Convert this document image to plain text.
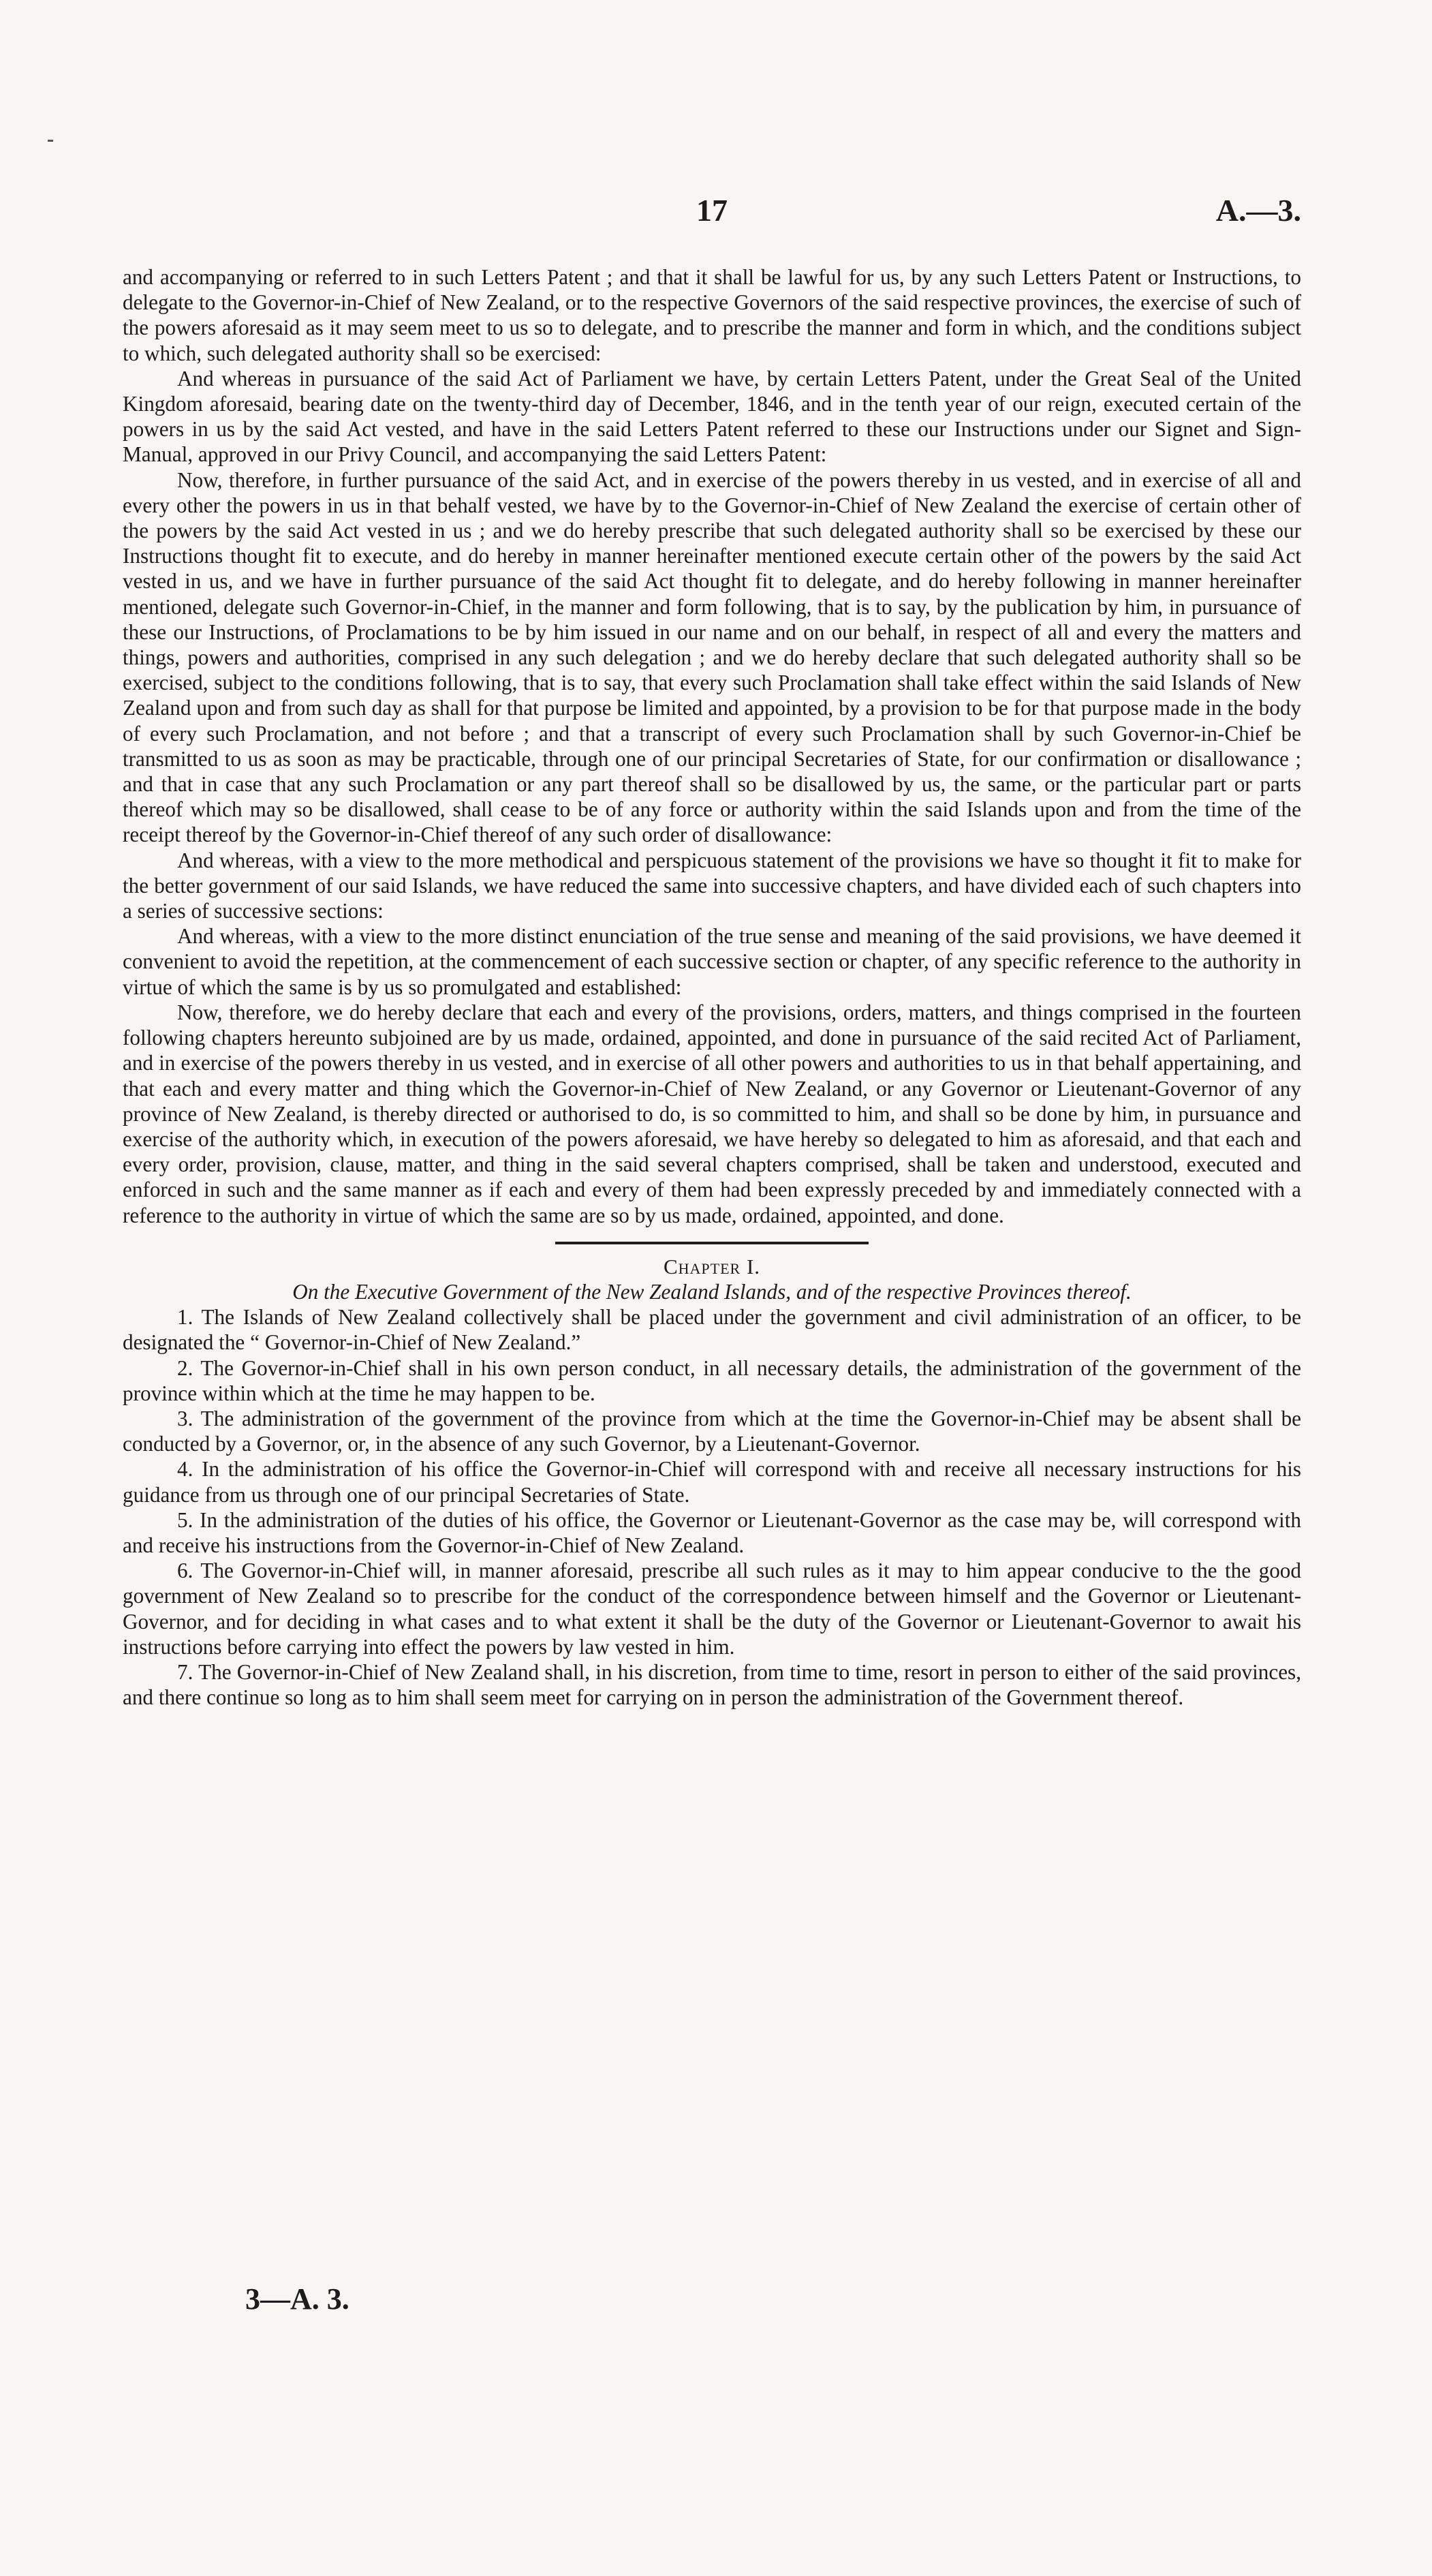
17	A.—3.

and accompanying or referred to in such Letters Patent ; and that it shall be lawful for us, by any such Letters Patent or Instructions, to delegate to the Governor-in-Chief of New Zealand, or to the respective Governors of the said respective provinces, the exercise of such of the powers aforesaid as it may seem meet to us so to delegate, and to prescribe the manner and form in which, and the conditions subject to which, such delegated authority shall so be exercised:

And whereas in pursuance of the said Act of Parliament we have, by certain Letters Patent, under the Great Seal of the United Kingdom aforesaid, bearing date on the twenty-third day of December, 1846, and in the tenth year of our reign, executed certain of the powers in us by the said Act vested, and have in the said Letters Patent referred to these our Instructions under our Signet and Sign-Manual, approved in our Privy Council, and accompanying the said Letters Patent:

Now, therefore, in further pursuance of the said Act, and in exercise of the powers thereby in us vested, and in exercise of all and every other the powers in us in that behalf vested, we have by to the Governor-in-Chief of New Zealand the exercise of certain other of the powers by the said Act vested in us ; and we do hereby prescribe that such delegated authority shall so be exercised by these our Instructions thought fit to execute, and do hereby in manner hereinafter mentioned execute certain other of the powers by the said Act vested in us, and we have in further pursuance of the said Act thought fit to delegate, and do hereby following in manner hereinafter mentioned, delegate such Governor-in-Chief, in the manner and form following, that is to say, by the publication by him, in pursuance of these our Instructions, of Proclamations to be by him issued in our name and on our behalf, in respect of all and every the matters and things, powers and authorities, comprised in any such delegation ; and we do hereby declare that such delegated authority shall so be exercised, subject to the conditions following, that is to say, that every such Proclamation shall take effect within the said Islands of New Zealand upon and from such day as shall for that purpose be limited and appointed, by a provision to be for that purpose made in the body of every such Proclamation, and not before ; and that a transcript of every such Proclamation shall by such Governor-in-Chief be transmitted to us as soon as may be practicable, through one of our principal Secretaries of State, for our confirmation or disallowance ; and that in case that any such Proclamation or any part thereof shall so be disallowed by us, the same, or the particular part or parts thereof which may so be disallowed, shall cease to be of any force or authority within the said Islands upon and from the time of the receipt thereof by the Governor-in-Chief thereof of any such order of disallowance:

And whereas, with a view to the more methodical and perspicuous statement of the provisions we have so thought it fit to make for the better government of our said Islands, we have reduced the same into successive chapters, and have divided each of such chapters into a series of successive sections:

And whereas, with a view to the more distinct enunciation of the true sense and meaning of the said provisions, we have deemed it convenient to avoid the repetition, at the commencement of each successive section or chapter, of any specific reference to the authority in virtue of which the same is by us so promulgated and established:

Now, therefore, we do hereby declare that each and every of the provisions, orders, matters, and things comprised in the fourteen following chapters hereunto subjoined are by us made, ordained, appointed, and done in pursuance of the said recited Act of Parliament, and in exercise of the powers thereby in us vested, and in exercise of all other powers and authorities to us in that behalf appertaining, and that each and every matter and thing which the Governor-in-Chief of New Zealand, or any Governor or Lieutenant-Governor of any province of New Zealand, is thereby directed or authorised to do, is so committed to him, and shall so be done by him, in pursuance and exercise of the authority which, in execution of the powers aforesaid, we have hereby so delegated to him as aforesaid, and that each and every order, provision, clause, matter, and thing in the said several chapters comprised, shall be taken and understood, executed and enforced in such and the same manner as if each and every of them had been expressly preceded by and immediately connected with a reference to the authority in virtue of which the same are so by us made, ordained, appointed, and done.

Chapter I.

On the Executive Government of the New Zealand Islands, and of the respective Provinces thereof.

1. The Islands of New Zealand collectively shall be placed under the government and civil administration of an officer, to be designated the “ Governor-in-Chief of New Zealand.”

2. The Governor-in-Chief shall in his own person conduct, in all necessary details, the administration of the government of the province within which at the time he may happen to be.

3. The administration of the government of the province from which at the time the Governor-in-Chief may be absent shall be conducted by a Governor, or, in the absence of any such Governor, by a Lieutenant-Governor.

4. In the administration of his office the Governor-in-Chief will correspond with and receive all necessary instructions for his guidance from us through one of our principal Secretaries of State.

5. In the administration of the duties of his office, the Governor or Lieutenant-Governor as the case may be, will correspond with and receive his instructions from the Governor-in-Chief of New Zealand.

6. The Governor-in-Chief will, in manner aforesaid, prescribe all such rules as it may to him appear conducive to the the good government of New Zealand so to prescribe for the conduct of the correspondence between himself and the Governor or Lieutenant-Governor, and for deciding in what cases and to what extent it shall be the duty of the Governor or Lieutenant-Governor to await his instructions before carrying into effect the powers by law vested in him.

7. The Governor-in-Chief of New Zealand shall, in his discretion, from time to time, resort in person to either of the said provinces, and there continue so long as to him shall seem meet for carrying on in person the administration of the Government thereof.

3—A. 3.
